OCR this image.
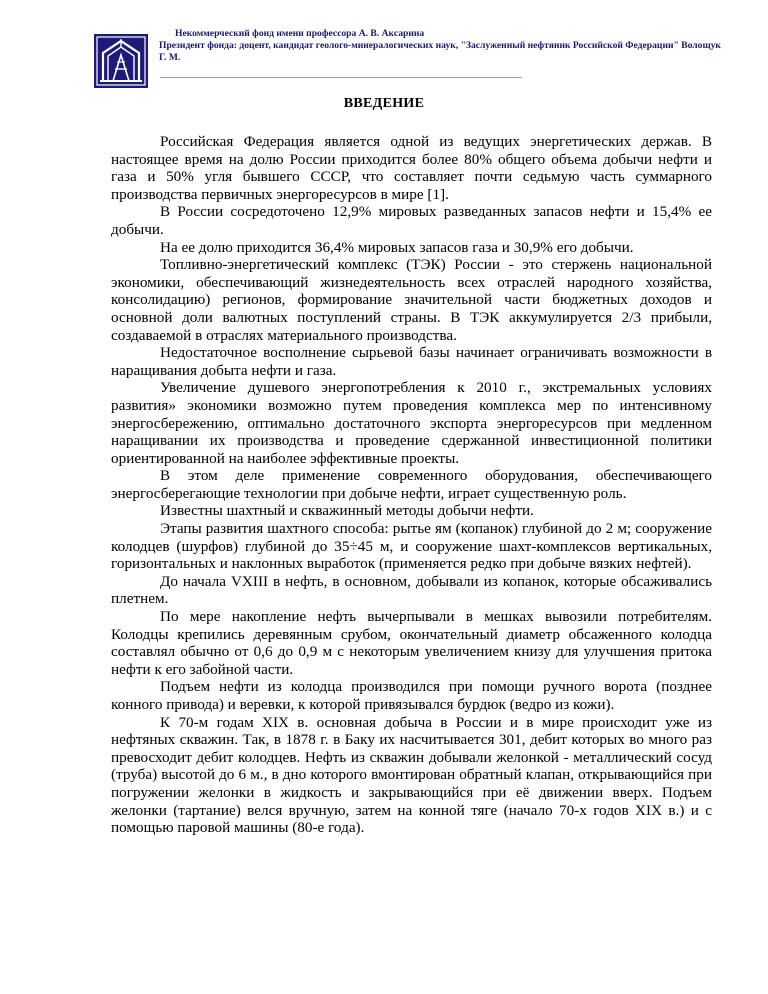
Некоммерческий фонд имени профессора А. В. Аксарина
Президент фонда: доцент, кандидат геолого-минералогических наук, "Заслуженный нефтяник Российской Федерации" Волощук Г. М.
ВВЕДЕНИЕ

Российская Федерация является одной из ведущих энергетических держав. В настоящее время на долю России приходится более 80% общего объема добычи нефти и газа и 50% угля бывшего СССР, что составляет почти седьмую часть суммарного производства первичных энергоресурсов в мире [1].

В России сосредоточено 12,9% мировых разведанных запасов нефти и 15,4% ее добычи.

На ее долю приходится 36,4% мировых запасов газа и 30,9% его добычи.

Топливно-энергетический комплекс (ТЭК) России - это стержень национальной экономики, обеспечивающий жизнедеятельность всех отраслей народного хозяйства, консолидацию) регионов, формирование значительной части бюджетных доходов и основной доли валютных поступлений страны. В ТЭК аккумулируется 2/3 прибыли, создаваемой в отраслях материального производства.

Недостаточное восполнение сырьевой базы начинает ограничивать возможности в наращивания добыта нефти и газа.

Увеличение душевого энергопотребления к 2010 г., экстремальных условиях развития» экономики возможно путем проведения комплекса мер по интенсивному энергосбережению, оптимально достаточного экспорта энергоресурсов при медленном наращивании их производства и проведение сдержанной инвестиционной политики ориентированной на наиболее эффективные проекты.

В этом деле применение современного оборудования, обеспечивающего энергосберегающие технологии при добыче нефти, играет существенную роль.

Известны шахтный и скважинный методы добычи нефти.

Этапы развития шахтного способа: рытье ям (копанок) глубиной до 2 м; сооружение колодцев (шурфов) глубиной до 35÷45 м, и сооружение шахт-комплексов вертикальных, горизонтальных и наклонных выработок (применяется редко при добыче вязких нефтей).

До начала VXIII в нефть, в основном, добывали из копанок, которые обсаживались плетнем.

По мере накопление нефть вычерпывали в мешках вывозили потребителям. Колодцы крепились деревянным срубом, окончательный диаметр обсаженного колодца составлял обычно от 0,6 до 0,9 м с некоторым увеличением книзу для улучшения притока нефти к его забойной части.

Подъем нефти из колодца производился при помощи ручного ворота (позднее конного привода) и веревки, к которой привязывался бурдюк (ведро из кожи).

К 70-м годам XIX в. основная добыча в России и в мире происходит уже из нефтяных скважин. Так, в 1878 г. в Баку их насчитывается 301, дебит которых во много раз превосходит дебит колодцев. Нефть из скважин добывали желонкой - металлический сосуд (труба) высотой до 6 м., в дно которого вмонтирован обратный клапан, открывающийся при погружении желонки в жидкость и закрывающийся при её движении вверх. Подъем желонки (тартание) велся вручную, затем на конной тяге (начало 70-х годов XIX в.) и с помощью паровой машины (80-е года).
